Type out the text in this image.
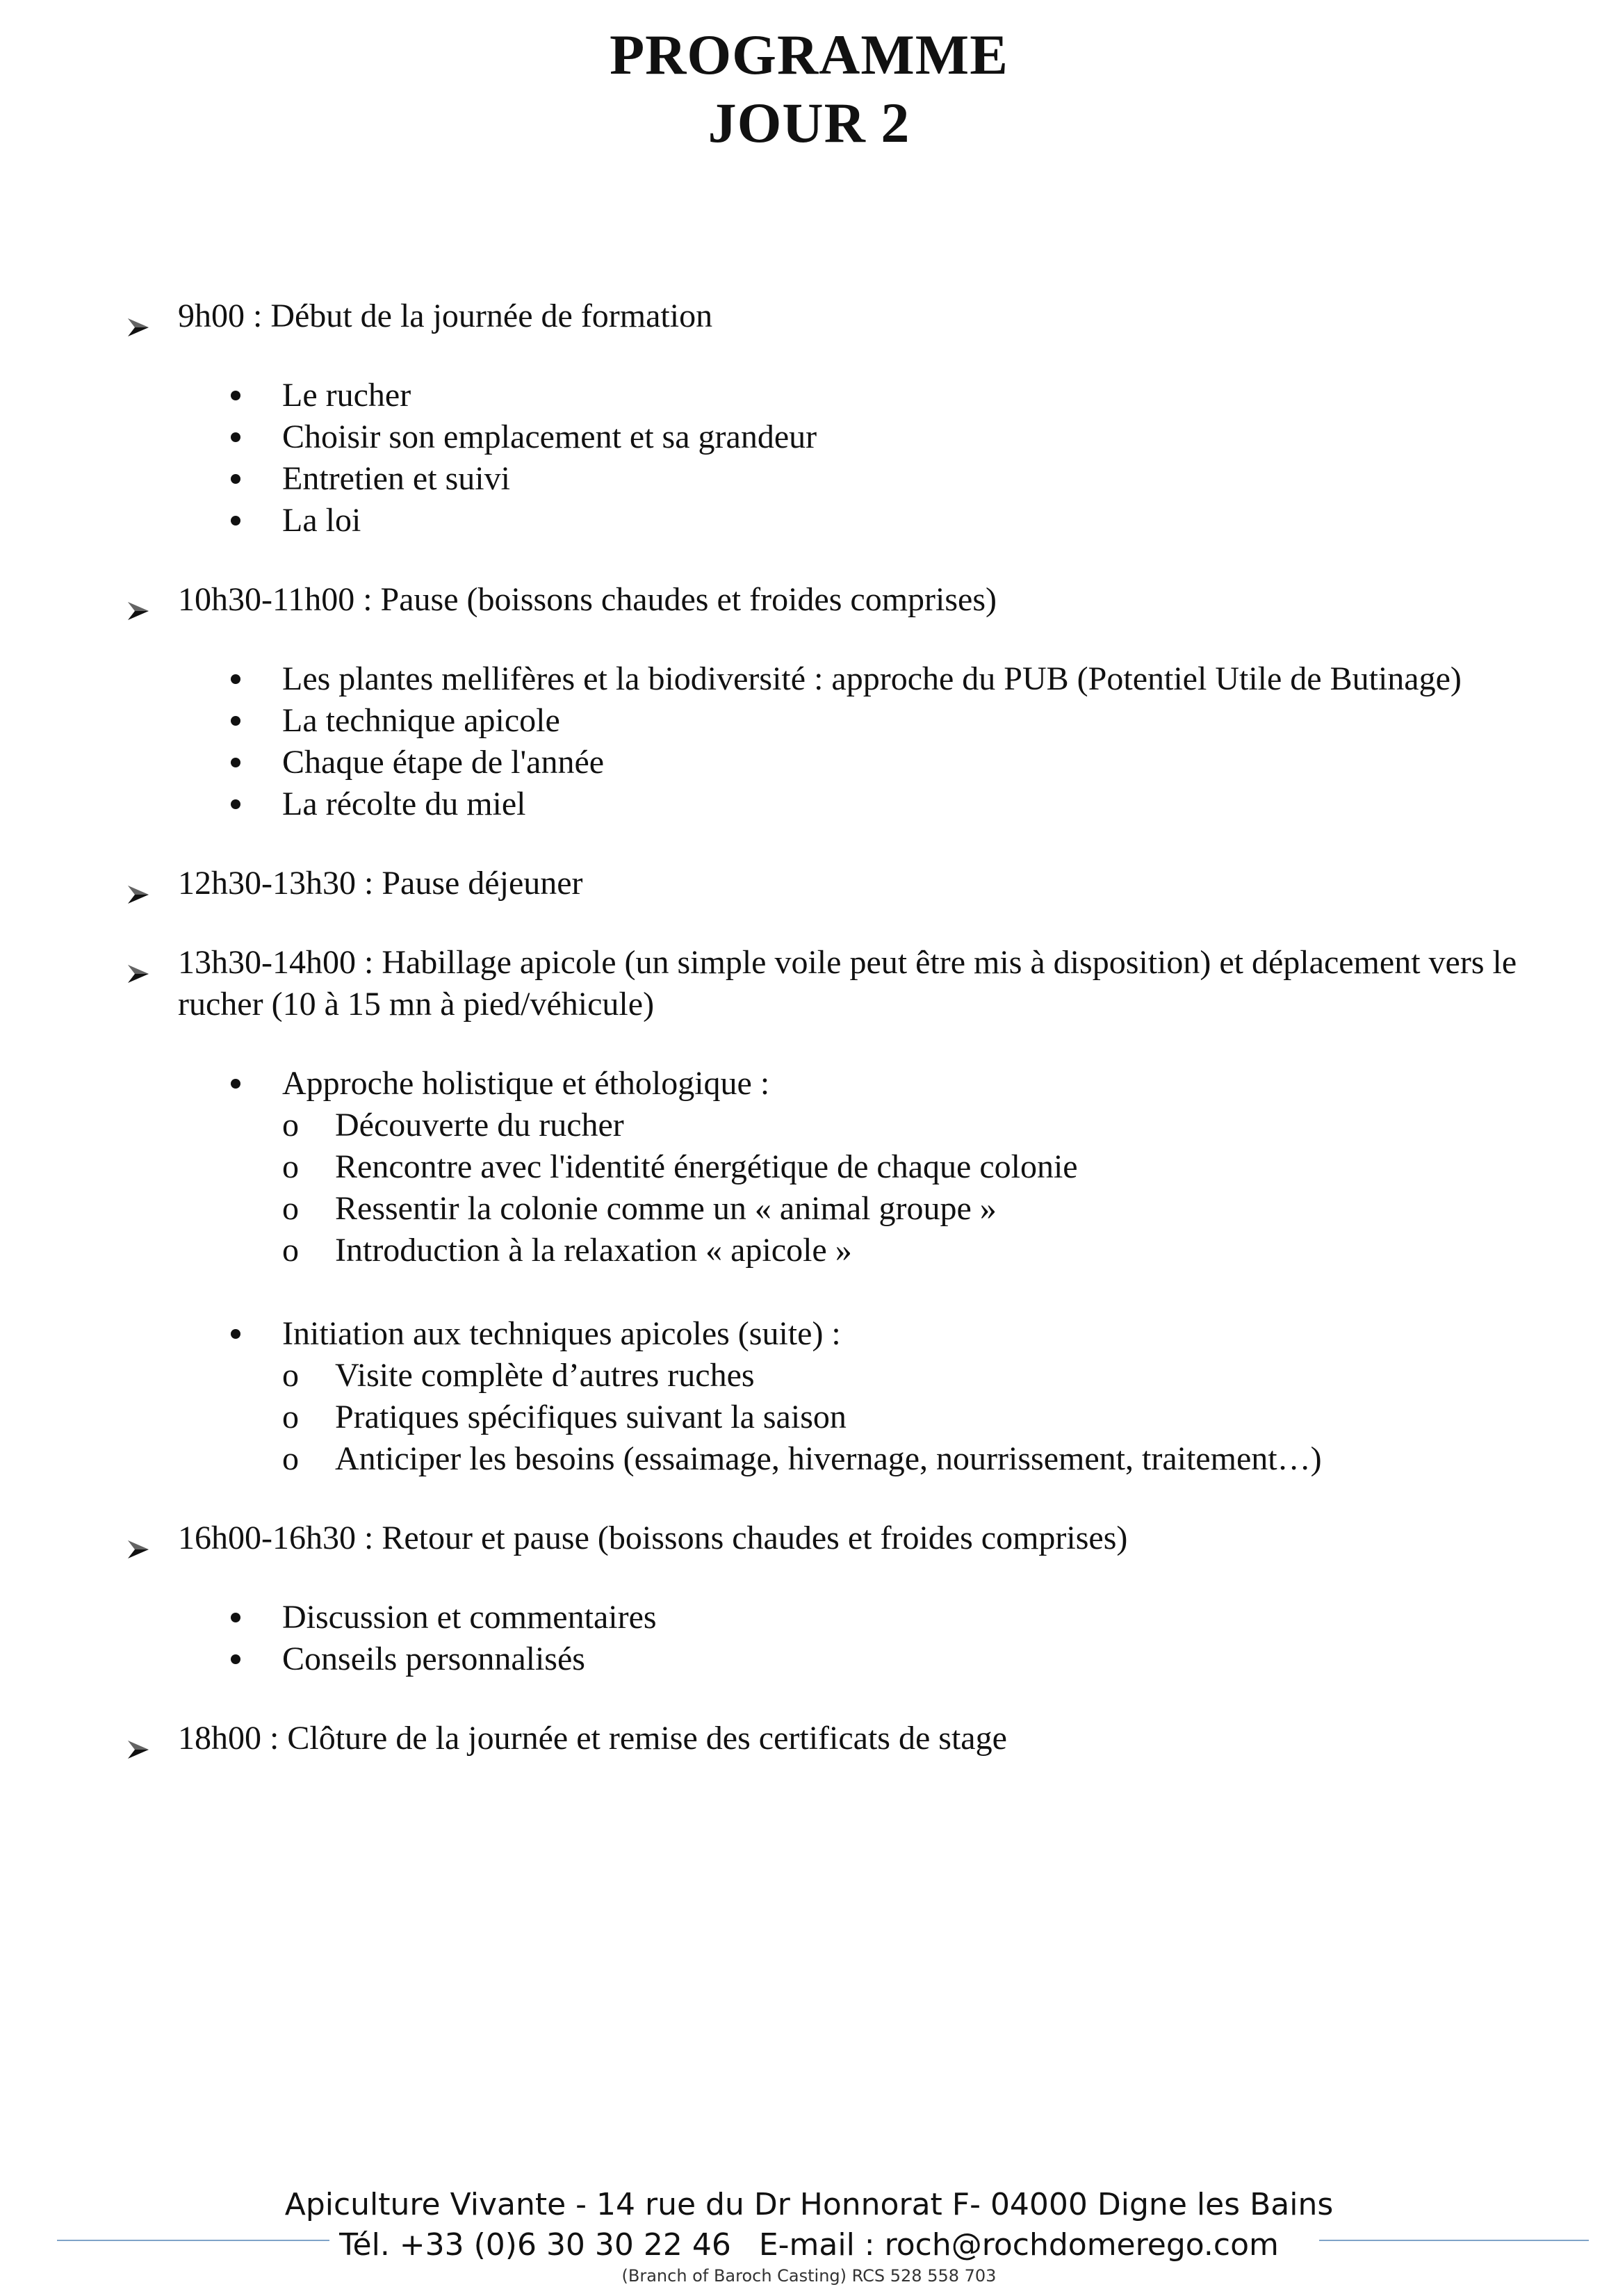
PROGRAMME
JOUR 2
9h00 : Début de la journée de formation
Le rucher
Choisir son emplacement et sa grandeur
Entretien et suivi
La loi
10h30-11h00 : Pause (boissons chaudes et froides comprises)
Les plantes mellifères et la biodiversité : approche du PUB (Potentiel Utile de Butinage)
La technique apicole
Chaque étape de l'année
La récolte du miel
12h30-13h30 : Pause déjeuner
13h30-14h00 : Habillage apicole (un simple voile peut être mis à disposition) et déplacement vers le rucher (10 à 15 mn à pied/véhicule)
Approche holistique et éthologique :
o	Découverte du rucher
o	Rencontre avec l'identité énergétique de chaque colonie
o	Ressentir la colonie comme un « animal groupe »
o	Introduction à la relaxation « apicole »
Initiation aux techniques apicoles (suite) :
o	Visite complète d’autres ruches
o	Pratiques spécifiques suivant la saison
o	Anticiper les besoins (essaimage, hivernage, nourrissement, traitement…)
16h00-16h30 : Retour et pause (boissons chaudes et froides comprises)
Discussion et commentaires
Conseils personnalisés
18h00 : Clôture de la journée et remise des certificats de stage
Apiculture Vivante - 14 rue du Dr Honnorat F- 04000 Digne les Bains
Tél. +33 (0)6 30 30 22 46 E-mail : roch@rochdomerego.com
(Branch of Baroch Casting) RCS 528 558 703
